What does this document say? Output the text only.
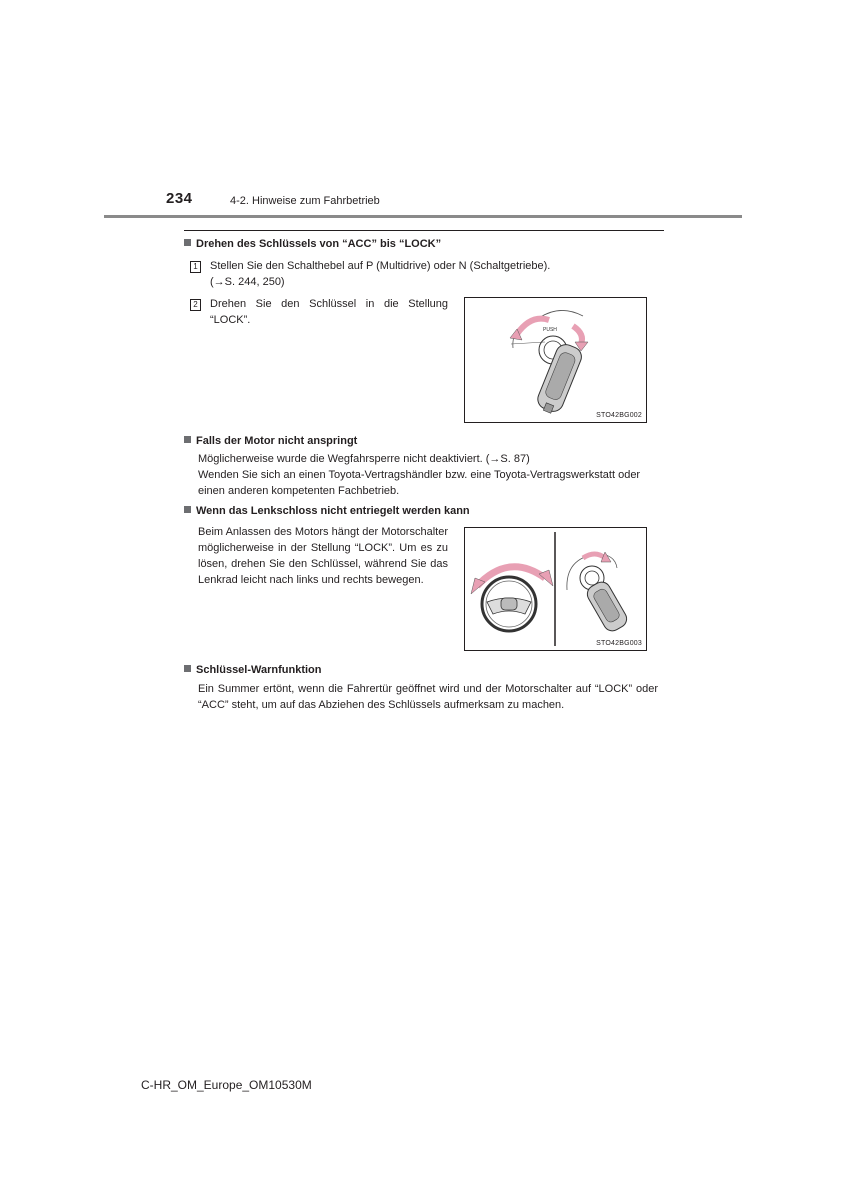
234	4-2. Hinweise zum Fahrbetrieb
Drehen des Schlüssels von “ACC” bis “LOCK”
1 Stellen Sie den Schalthebel auf P (Multidrive) oder N (Schaltgetriebe).
(→S. 244, 250)
2 Drehen Sie den Schlüssel in die Stellung “LOCK”.
PUSH
STO42BG002
Falls der Motor nicht anspringt
Möglicherweise wurde die Wegfahrsperre nicht deaktiviert. (→S. 87)
Wenden Sie sich an einen Toyota-Vertragshändler bzw. eine Toyota-Vertragswerkstatt oder einen anderen kompetenten Fachbetrieb.
Wenn das Lenkschloss nicht entriegelt werden kann
Beim Anlassen des Motors hängt der Motorschalter möglicherweise in der Stellung “LOCK”. Um es zu lösen, drehen Sie den Schlüssel, während Sie das Lenkrad leicht nach links und rechts bewegen.
STO42BG003
Schlüssel-Warnfunktion
Ein Summer ertönt, wenn die Fahrertür geöffnet wird und der Motorschalter auf “LOCK” oder “ACC” steht, um auf das Abziehen des Schlüssels aufmerksam zu machen.
C-HR_OM_Europe_OM10530M
